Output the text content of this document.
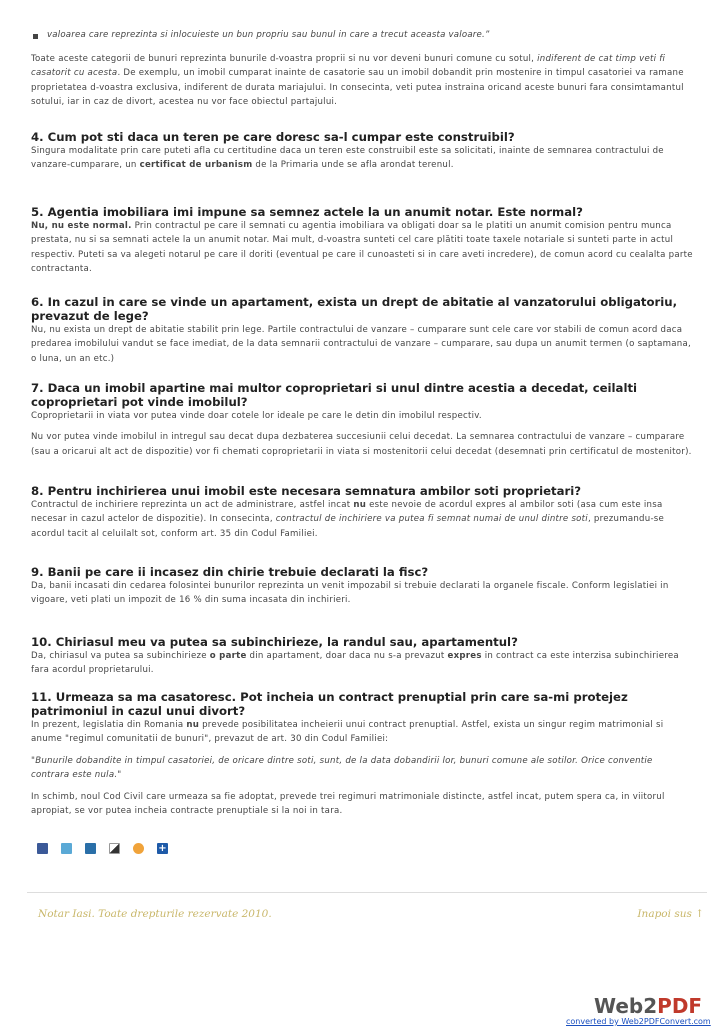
valoarea care reprezinta si inlocuieste un bun propriu sau bunul in care a trecut aceasta valoare.”

Toate aceste categorii de bunuri reprezinta bunurile d-voastra proprii si nu vor deveni bunuri comune cu sotul, indiferent de cat timp veti fi casatorit cu acesta. De exemplu, un imobil cumparat inainte de casatorie sau un imobil dobandit prin mostenire in timpul casatoriei va ramane proprietatea d-voastra exclusiva, indiferent de durata mariajului. In consecinta, veti putea instraina oricand aceste bunuri fara consimtamantul sotului, iar in caz de divort, acestea nu vor face obiectul partajului.

4. Cum pot sti daca un teren pe care doresc sa-l cumpar este construibil?

Singura modalitate prin care puteti afla cu certitudine daca un teren este construibil este sa solicitati, inainte de semnarea contractului de vanzare-cumparare, un certificat de urbanism de la Primaria unde se afla arondat terenul.

5. Agentia imobiliara imi impune sa semnez actele la un anumit notar. Este normal?

Nu, nu este normal. Prin contractul pe care il semnati cu agentia imobiliara va obligati doar sa le platiti un anumit comision pentru munca prestata, nu si sa semnati actele la un anumit notar. Mai mult, d-voastra sunteti cel care plătiti toate taxele notariale si sunteti parte in actul respectiv. Puteti sa va alegeti notarul pe care il doriti (eventual pe care il cunoasteti si in care aveti incredere), de comun acord cu cealalta parte contractanta.

6. In cazul in care se vinde un apartament, exista un drept de abitatie al vanzatorului obligatoriu, prevazut de lege?

Nu, nu exista un drept de abitatie stabilit prin lege. Partile contractului de vanzare – cumparare sunt cele care vor stabili de comun acord daca predarea imobilului vandut se face imediat, de la data semnarii contractului de vanzare – cumparare, sau dupa un anumit termen (o saptamana, o luna, un an etc.)

7. Daca un imobil apartine mai multor coproprietari si unul dintre acestia a decedat, ceilalti coproprietari pot vinde imobilul?

Coproprietarii in viata vor putea vinde doar cotele lor ideale pe care le detin din imobilul respectiv.

Nu vor putea vinde imobilul in intregul sau decat dupa dezbaterea succesiunii celui decedat. La semnarea contractului de vanzare – cumparare (sau a oricarui alt act de dispozitie) vor fi chemati coproprietarii in viata si mostenitorii celui decedat (desemnati prin certificatul de mostenitor).

8. Pentru inchirierea unui imobil este necesara semnatura ambilor soti proprietari?

Contractul de inchiriere reprezinta un act de administrare, astfel incat nu este nevoie de acordul expres al ambilor soti (asa cum este insa necesar in cazul actelor de dispozitie). In consecinta, contractul de inchiriere va putea fi semnat numai de unul dintre soti, prezumandu-se acordul tacit al celuilalt sot, conform art. 35 din Codul Familiei.

9. Banii pe care ii incasez din chirie trebuie declarati la fisc?

Da, banii incasati din cedarea folosintei bunurilor reprezinta un venit impozabil si trebuie declarati la organele fiscale. Conform legislatiei in vigoare, veti plati un impozit de 16 % din suma incasata din inchirieri.

10. Chiriasul meu va putea sa subinchirieze, la randul sau, apartamentul?

Da, chiriasul va putea sa subinchirieze o parte din apartament, doar daca nu s-a prevazut expres in contract ca este interzisa subinchirierea fara acordul proprietarului.

11. Urmeaza sa ma casatoresc. Pot incheia un contract prenuptial prin care sa-mi protejez patrimoniul in cazul unui divort?

In prezent, legislatia din Romania nu prevede posibilitatea incheierii unui contract prenuptial. Astfel, exista un singur regim matrimonial si anume "regimul comunitatii de bunuri", prevazut de art. 30 din Codul Familiei:

"Bunurile dobandite in timpul casatoriei, de oricare dintre soti, sunt, de la data dobandirii lor, bunuri comune ale sotilor. Orice conventie contrara este nula."

In schimb, noul Cod Civil care urmeaza sa fie adoptat, prevede trei regimuri matrimoniale distincte, astfel incat, putem spera ca, in viitorul apropiat, se vor putea incheia contracte prenuptiale si la noi in tara.

+
Notar Iasi. Toate drepturile rezervate 2010.	Inapoi sus ↑
Web2PDF
converted by Web2PDFConvert.com
